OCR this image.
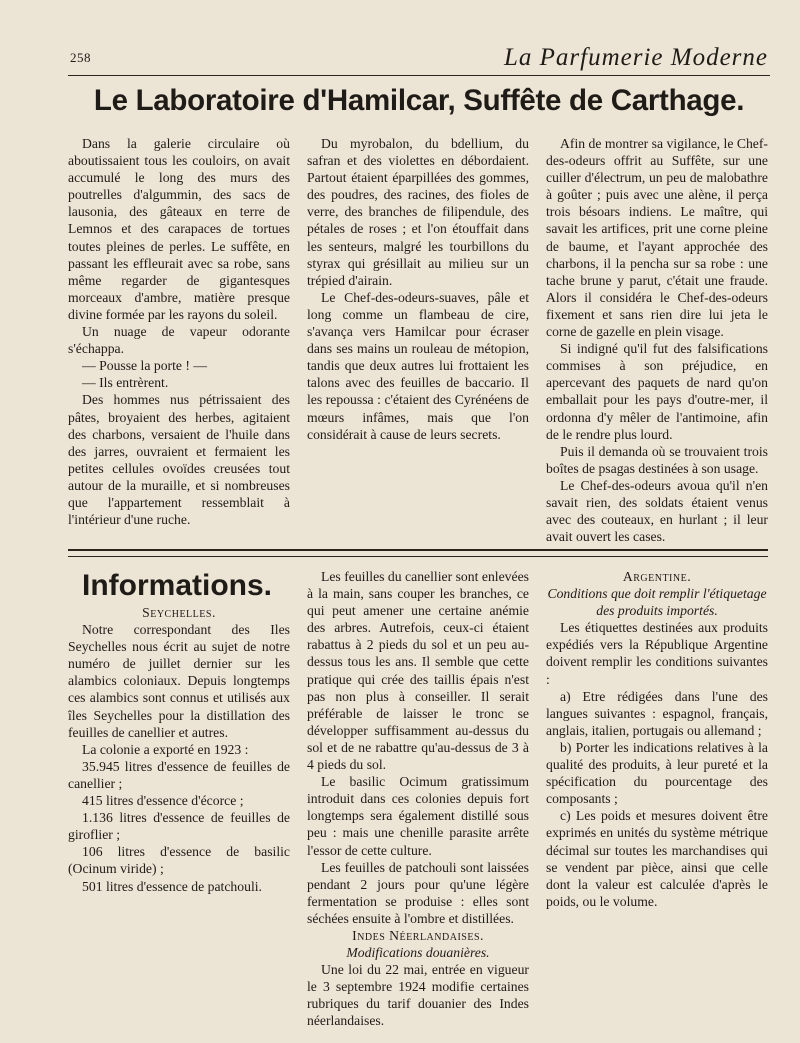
258	La Parfumerie Moderne
Le Laboratoire d'Hamilcar, Suffête de Carthage.

Dans la galerie circulaire où aboutissaient tous les couloirs, on avait accumulé le long des murs des poutrelles d'algummin, des sacs de lausonia, des gâteaux en terre de Lemnos et des carapaces de tortues toutes pleines de perles. Le suffête, en passant les effleurait avec sa robe, sans même regarder de gigantesques morceaux d'ambre, matière presque divine formée par les rayons du soleil.

Un nuage de vapeur odorante s'échappa.

— Pousse la porte ! —

— Ils entrèrent.

Des hommes nus pétrissaient des pâtes, broyaient des herbes, agitaient des charbons, versaient de l'huile dans des jarres, ouvraient et fermaient les petites cellules ovoïdes creusées tout autour de la muraille, et si nombreuses que l'appartement ressemblait à l'intérieur d'une ruche.

Du myrobalon, du bdellium, du safran et des violettes en débordaient. Partout étaient éparpillées des gommes, des poudres, des racines, des fioles de verre, des branches de filipendule, des pétales de roses ; et l'on étouffait dans les senteurs, malgré les tourbillons du styrax qui grésillait au milieu sur un trépied d'airain.

Le Chef-des-odeurs-suaves, pâle et long comme un flambeau de cire, s'avança vers Hamilcar pour écraser dans ses mains un rouleau de métopion, tandis que deux autres lui frottaient les talons avec des feuilles de baccario. Il les repoussa : c'étaient des Cyrénéens de mœurs infâmes, mais que l'on considérait à cause de leurs secrets.

Afin de montrer sa vigilance, le Chef-des-odeurs offrit au Suffête, sur une cuiller d'électrum, un peu de malobathre à goûter ; puis avec une alène, il perça trois bésoars indiens. Le maître, qui savait les artifices, prit une corne pleine de baume, et l'ayant approchée des charbons, il la pencha sur sa robe : une tache brune y parut, c'était une fraude. Alors il considéra le Chef-des-odeurs fixement et sans rien dire lui jeta le corne de gazelle en plein visage.

Si indigné qu'il fut des falsifications commises à son préjudice, en apercevant des paquets de nard qu'on emballait pour les pays d'outre-mer, il ordonna d'y mêler de l'antimoine, afin de le rendre plus lourd.

Puis il demanda où se trouvaient trois boîtes de psagas destinées à son usage.

Le Chef-des-odeurs avoua qu'il n'en savait rien, des soldats étaient venus avec des couteaux, en hurlant ; il leur avait ouvert les cases.

Informations.

Seychelles.

Notre correspondant des Iles Seychelles nous écrit au sujet de notre numéro de juillet dernier sur les alambics coloniaux. Depuis longtemps ces alambics sont connus et utilisés aux îles Seychelles pour la distillation des feuilles de canellier et autres.

La colonie a exporté en 1923 :

35.945 litres d'essence de feuilles de canellier ;

415 litres d'essence d'écorce ;

1.136 litres d'essence de feuilles de giroflier ;

106 litres d'essence de basilic (Ocinum viride) ;

501 litres d'essence de patchouli.

Les feuilles du canellier sont enlevées à la main, sans couper les branches, ce qui peut amener une certaine anémie des arbres. Autrefois, ceux-ci étaient rabattus à 2 pieds du sol et un peu au-dessus tous les ans. Il semble que cette pratique qui crée des taillis épais n'est pas non plus à conseiller. Il serait préférable de laisser le tronc se développer suffisamment au-dessus du sol et de ne rabattre qu'au-dessus de 3 à 4 pieds du sol.

Le basilic Ocimum gratissimum introduit dans ces colonies depuis fort longtemps sera également distillé sous peu : mais une chenille parasite arrête l'essor de cette culture.

Les feuilles de patchouli sont laissées pendant 2 jours pour qu'une légère fermentation se produise : elles sont séchées ensuite à l'ombre et distillées.

Indes Néerlandaises.

Modifications douanières.

Une loi du 22 mai, entrée en vigueur le 3 septembre 1924 modifie certaines rubriques du tarif douanier des Indes néerlandaises.

Argentine.

Conditions que doit remplir l'étiquetage des produits importés.

Les étiquettes destinées aux produits expédiés vers la République Argentine doivent remplir les conditions suivantes :

a) Etre rédigées dans l'une des langues suivantes : espagnol, français, anglais, italien, portugais ou allemand ;

b) Porter les indications relatives à la qualité des produits, à leur pureté et la spécification du pourcentage des composants ;

c) Les poids et mesures doivent être exprimés en unités du système métrique décimal sur toutes les marchandises qui se vendent par pièce, ainsi que celle dont la valeur est calculée d'après le poids, ou le volume.
